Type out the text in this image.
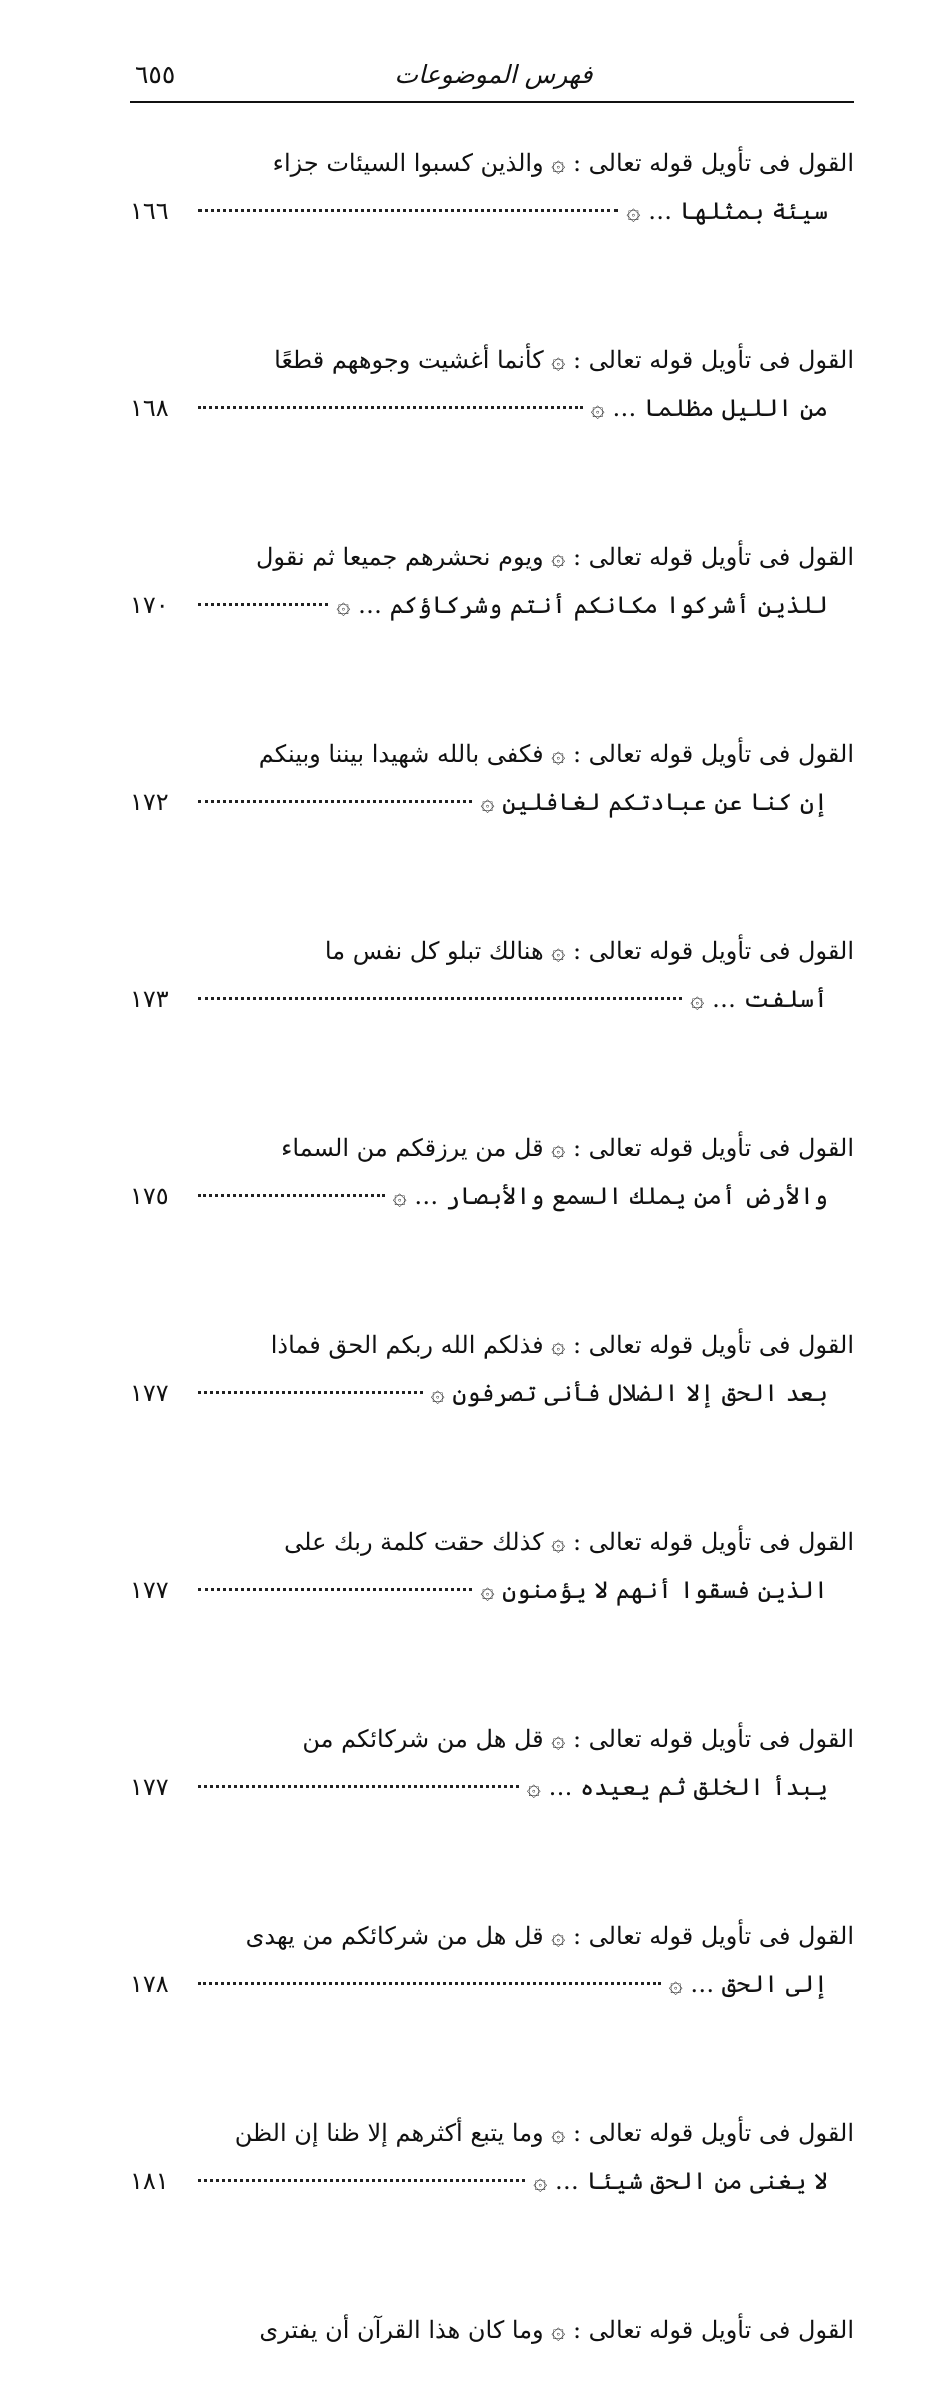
فهرس الموضوعات
٦٥٥
القول فى تأويل قوله تعالى : ۞ والذين كسبوا السيئات جزاء
سيئة بمثلها … ۞
١٦٦
القول فى تأويل قوله تعالى : ۞ كأنما أغشيت وجوههم قطعًا
من الليل مظلما … ۞
١٦٨
القول فى تأويل قوله تعالى : ۞ ويوم نحشرهم جميعا ثم نقول
للذين أشركوا مكانكم أنتم وشركاؤكم … ۞
١٧٠
القول فى تأويل قوله تعالى : ۞ فكفى بالله شهيدا بيننا وبينكم
إن كنا عن عبادتكم لغافلين ۞
١٧٢
القول فى تأويل قوله تعالى : ۞ هنالك تبلو كل نفس ما
أسلفت … ۞
١٧٣
القول فى تأويل قوله تعالى : ۞ قل من يرزقكم من السماء
والأرض أمن يملك السمع والأبصار … ۞
١٧٥
القول فى تأويل قوله تعالى : ۞ فذلكم الله ربكم الحق فماذا
بعد الحق إلا الضلال فأنى تصرفون ۞
١٧٧
القول فى تأويل قوله تعالى : ۞ كذلك حقت كلمة ربك على
الذين فسقوا أنهم لا يؤمنون ۞
١٧٧
القول فى تأويل قوله تعالى : ۞ قل هل من شركائكم من
يبدأ الخلق ثم يعيده … ۞
١٧٧
القول فى تأويل قوله تعالى : ۞ قل هل من شركائكم من يهدى
إلى الحق … ۞
١٧٨
القول فى تأويل قوله تعالى : ۞ وما يتبع أكثرهم إلا ظنا إن الظن
لا يغنى من الحق شيئا … ۞
١٨١
القول فى تأويل قوله تعالى : ۞ وما كان هذا القرآن أن يفترى
